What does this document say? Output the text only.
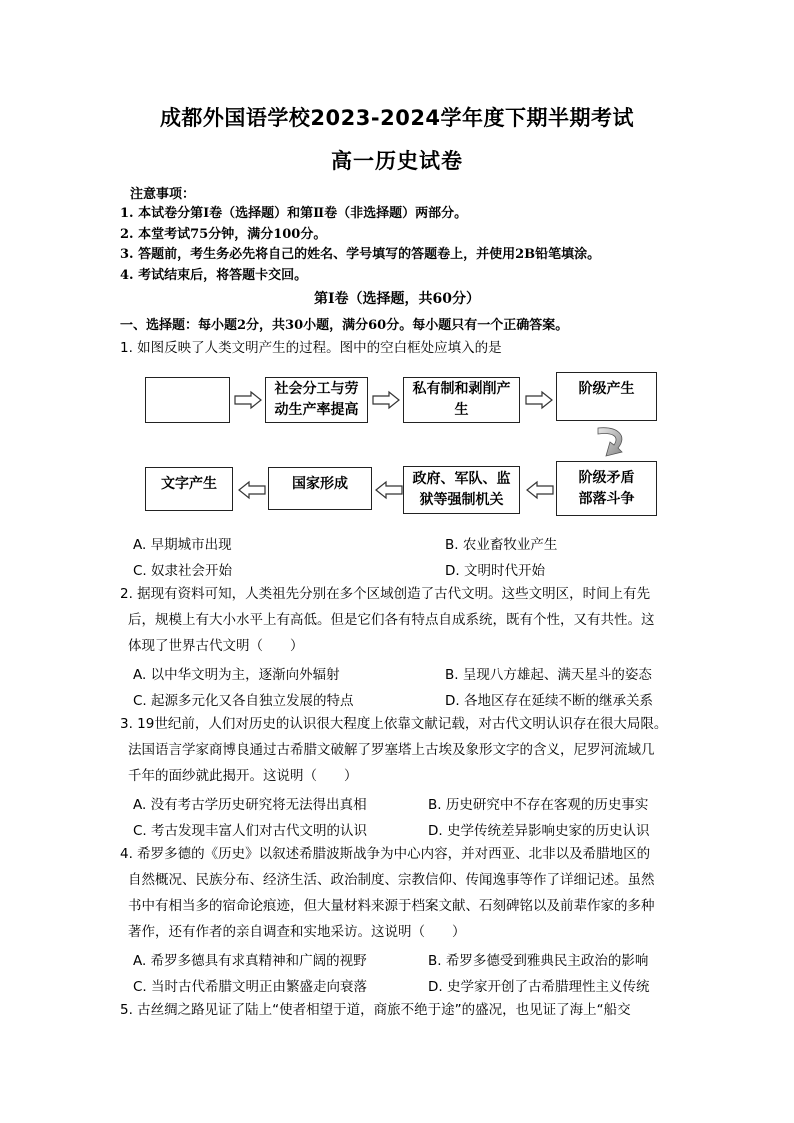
成都外国语学校2023-2024学年度下期半期考试
高一历史试卷
注意事项：
1. 本试卷分第Ⅰ卷（选择题）和第Ⅱ卷（非选择题）两部分。
2. 本堂考试75分钟，满分100分。
3. 答题前，考生务必先将自己的姓名、学号填写的答题卷上，并使用2B铅笔填涂。
4. 考试结束后，将答题卡交回。
第Ⅰ卷（选择题，共60分）
一、选择题：每小题2分，共30小题，满分60分。每小题只有一个正确答案。
1. 如图反映了人类文明产生的过程。图中的空白框处应填入的是
社会分工与劳
动生产率提高
私有制和剥削产
生
阶级产生
阶级矛盾
部落斗争
政府、军队、监
狱等强制机关
国家形成
文字产生
A. 早期城市出现	B. 农业畜牧业产生
C. 奴隶社会开始	D. 文明时代开始
2. 据现有资料可知，人类祖先分别在多个区域创造了古代文明。这些文明区，时间上有先
后，规模上有大小水平上有高低。但是它们各有特点自成系统，既有个性，又有共性。这
体现了世界古代文明（　　）
A. 以中华文明为主，逐渐向外辐射	B. 呈现八方雄起、满天星斗的姿态
C. 起源多元化又各自独立发展的特点	D. 各地区存在延续不断的继承关系
3. 19世纪前，人们对历史的认识很大程度上依靠文献记载，对古代文明认识存在很大局限。
法国语言学家商博良通过古希腊文破解了罗塞塔上古埃及象形文字的含义，尼罗河流域几
千年的面纱就此揭开。这说明（　　）
A. 没有考古学历史研究将无法得出真相	B. 历史研究中不存在客观的历史事实
C. 考古发现丰富人们对古代文明的认识	D. 史学传统差异影响史家的历史认识
4. 希罗多德的《历史》以叙述希腊波斯战争为中心内容，并对西亚、北非以及希腊地区的
自然概况、民族分布、经济生活、政治制度、宗教信仰、传闻逸事等作了详细记述。虽然
书中有相当多的宿命论痕迹，但大量材料来源于档案文献、石刻碑铭以及前辈作家的多种
著作，还有作者的亲自调查和实地采访。这说明（　　）
A. 希罗多德具有求真精神和广阔的视野	B. 希罗多德受到雅典民主政治的影响
C. 当时古代希腊文明正由繁盛走向衰落	D. 史学家开创了古希腊理性主义传统
5. 古丝绸之路见证了陆上“使者相望于道，商旅不绝于途”的盛况，也见证了海上“船交
